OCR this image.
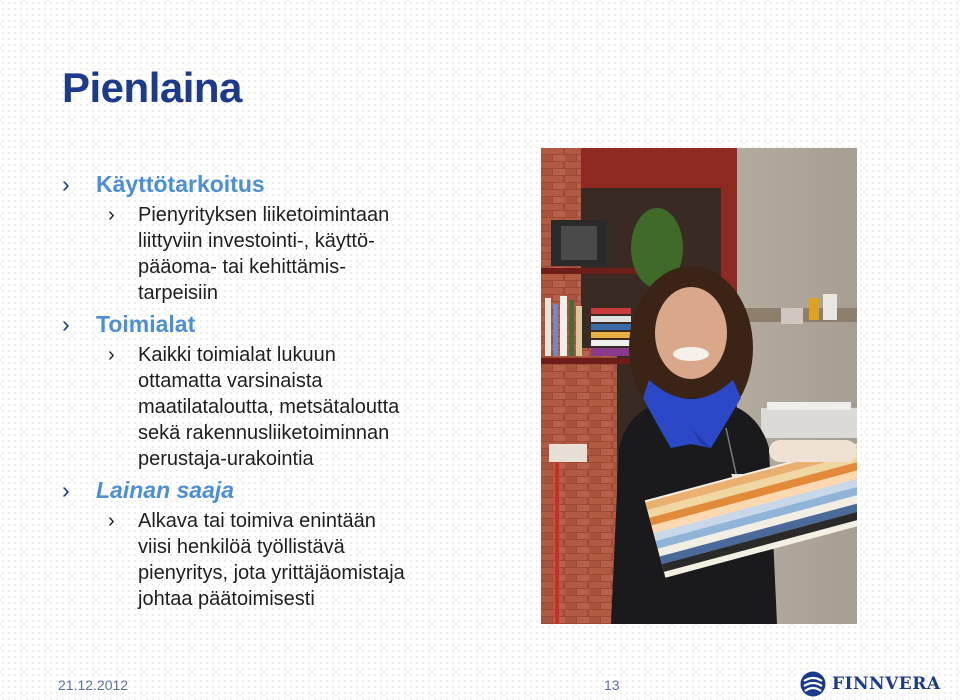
Pienlaina
› Käyttötarkoitus
› Pienyrityksen liiketoimintaan
liittyviin investointi-, käyttö-
pääoma- tai kehittämis-
tarpeisiin
› Toimialat
› Kaikki toimialat lukuun
ottamatta varsinaista
maatilataloutta, metsätaloutta
sekä rakennusliiketoiminnan
perustaja-urakointia
› Lainan saaja
› Alkava tai toimiva enintään
viisi henkilöä työllistävä
pienyritys, jota yrittäjäomistaja
johtaa päätoimisesti
21.12.2012	13	FINNVERA
